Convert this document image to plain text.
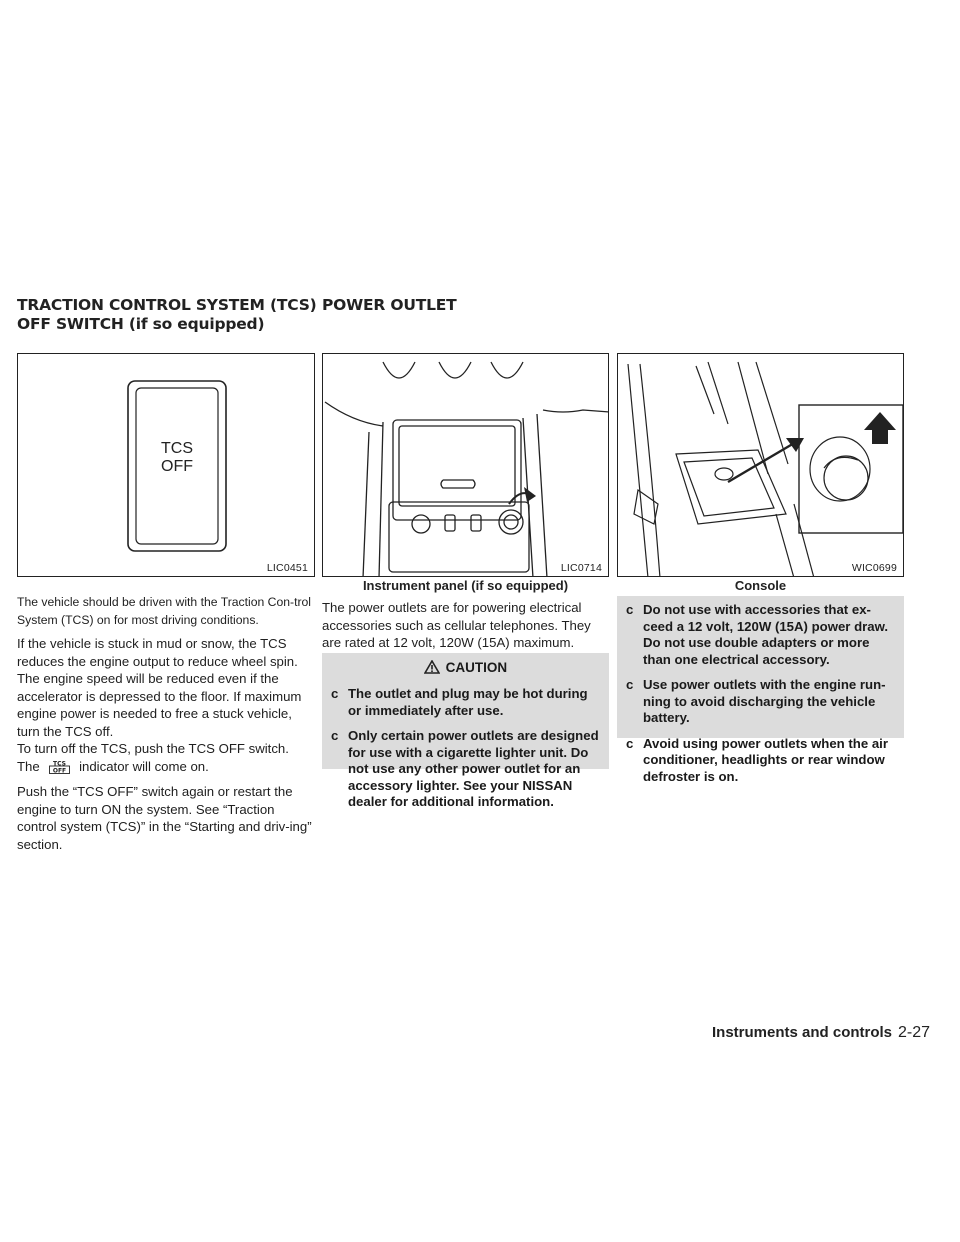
TRACTION CONTROL SYSTEM (TCS)
OFF SWITCH (if so equipped)
POWER OUTLET
TCS
OFF
LIC0451	LIC0714
Instrument panel (if so equipped)
WIC0699
Console

The vehicle should be driven with the Traction Con-trol System (TCS) on for most driving conditions.

If the vehicle is stuck in mud or snow, the TCS reduces the engine output to reduce wheel spin. The engine speed will be reduced even if the accelerator is depressed to the floor. If maximum engine power is needed to free a stuck vehicle, turn the TCS off.

To turn off the TCS, push the TCS OFF switch. The TCS
OFF indicator will come on.

Push the “TCS OFF” switch again or restart the engine to turn ON the system. See “Traction control system (TCS)” in the “Starting and driv-ing” section.

The power outlets are for powering electrical accessories such as cellular telephones. They are rated at 12 volt, 120W (15A) maximum.

CAUTION
c The outlet and plug may be hot during or immediately after use.
c Only certain power outlets are designed for use with a cigarette lighter unit. Do not use any other power outlet for an accessory lighter. See your NISSAN dealer for additional information.
c Do not use with accessories that ex-ceed a 12 volt, 120W (15A) power draw. Do not use double adapters or more than one electrical accessory.
c Use power outlets with the engine run-ning to avoid discharging the vehicle battery.
c Avoid using power outlets when the air conditioner, headlights or rear window defroster is on.
Instruments and controls 2-27
